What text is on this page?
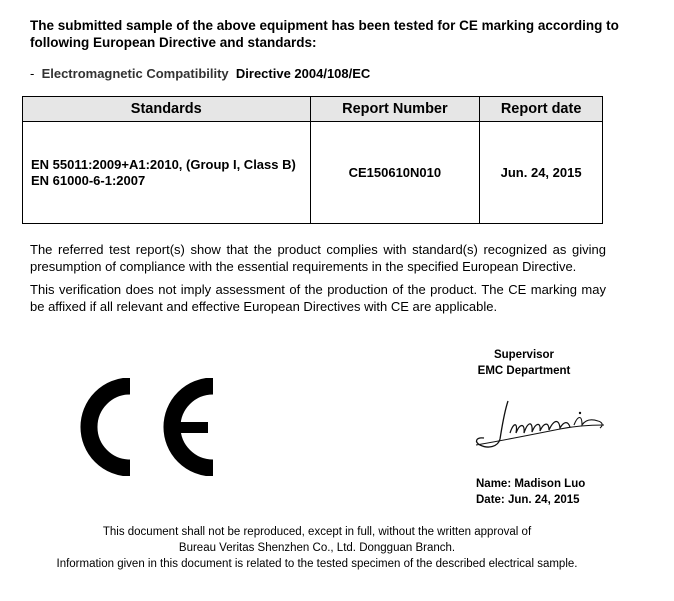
The submitted sample of the above equipment has been tested for CE marking according to following European Directive and standards:
-  Electromagnetic Compatibility Directive 2004/108/EC
Standards	Report Number	Report date

EN 55011:2009+A1:2010, (Group I, Class B)
EN 61000-6-1:2007	CE150610N010	Jun. 24, 2015
The referred test report(s) show that the product complies with standard(s) recognized as giving presumption of compliance with the essential requirements in the specified European Directive.
This verification does not imply assessment of the production of the product. The CE marking may be affixed if all relevant and effective European Directives with CE are applicable.
Supervisor
EMC Department
Name: Madison Luo
Date: Jun. 24, 2015
This document shall not be reproduced, except in full, without the written approval of
Bureau Veritas Shenzhen Co., Ltd. Dongguan Branch.
Information given in this document is related to the tested specimen of the described electrical sample.
